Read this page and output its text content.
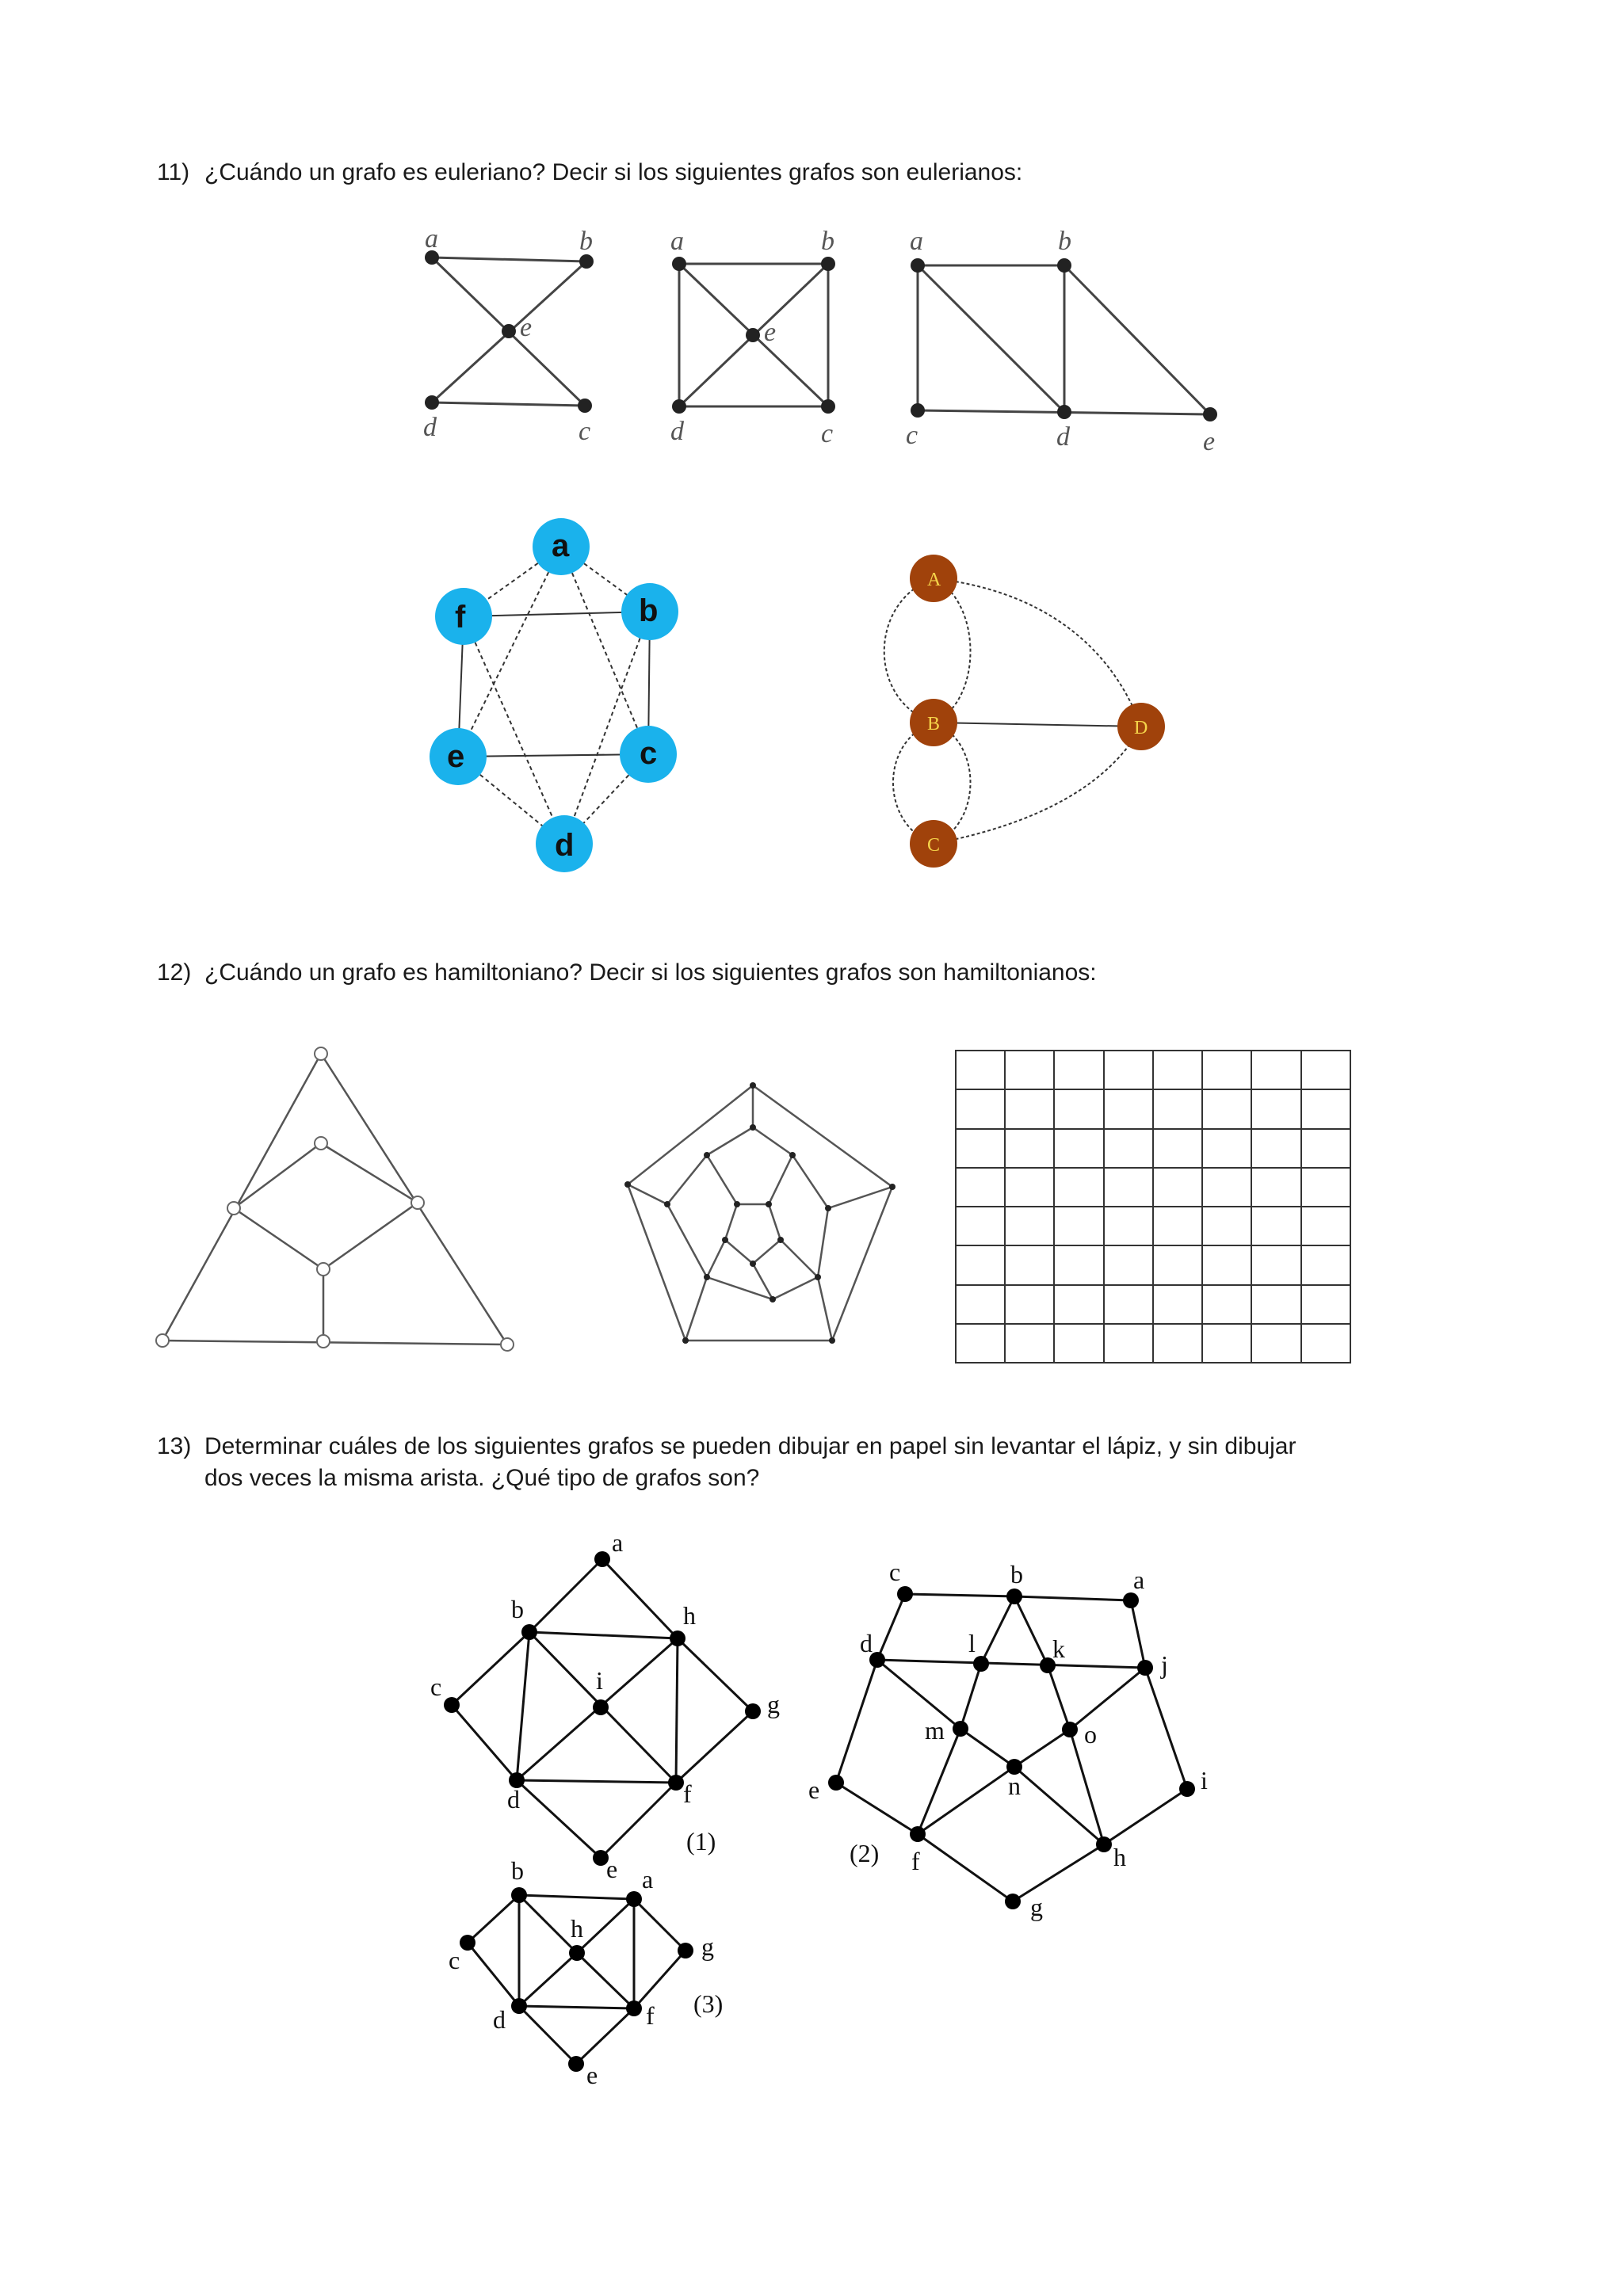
11) ¿Cuándo un grafo es euleriano? Decir si los siguientes grafos son eulerianos:
12) ¿Cuándo un grafo es hamiltoniano? Decir si los siguientes grafos son hamiltonianos:
13) Determinar cuáles de los siguientes grafos se pueden dibujar en papel sin levantar el lápiz, y sin dibujar
dos veces la misma arista. ¿Qué tipo de grafos son?
a	b
e
d	c
a	b
e
d	c
a	b
c	d	e
a
b
c
d
e
f
A
B
C
D
a
b	h
c	i
g
d	f
e
(1)
c	b	a
d	l	k
j
m	o
n
e	i
f	h
g
(2)
b	a
h
c	g
d	f
e
(3)
